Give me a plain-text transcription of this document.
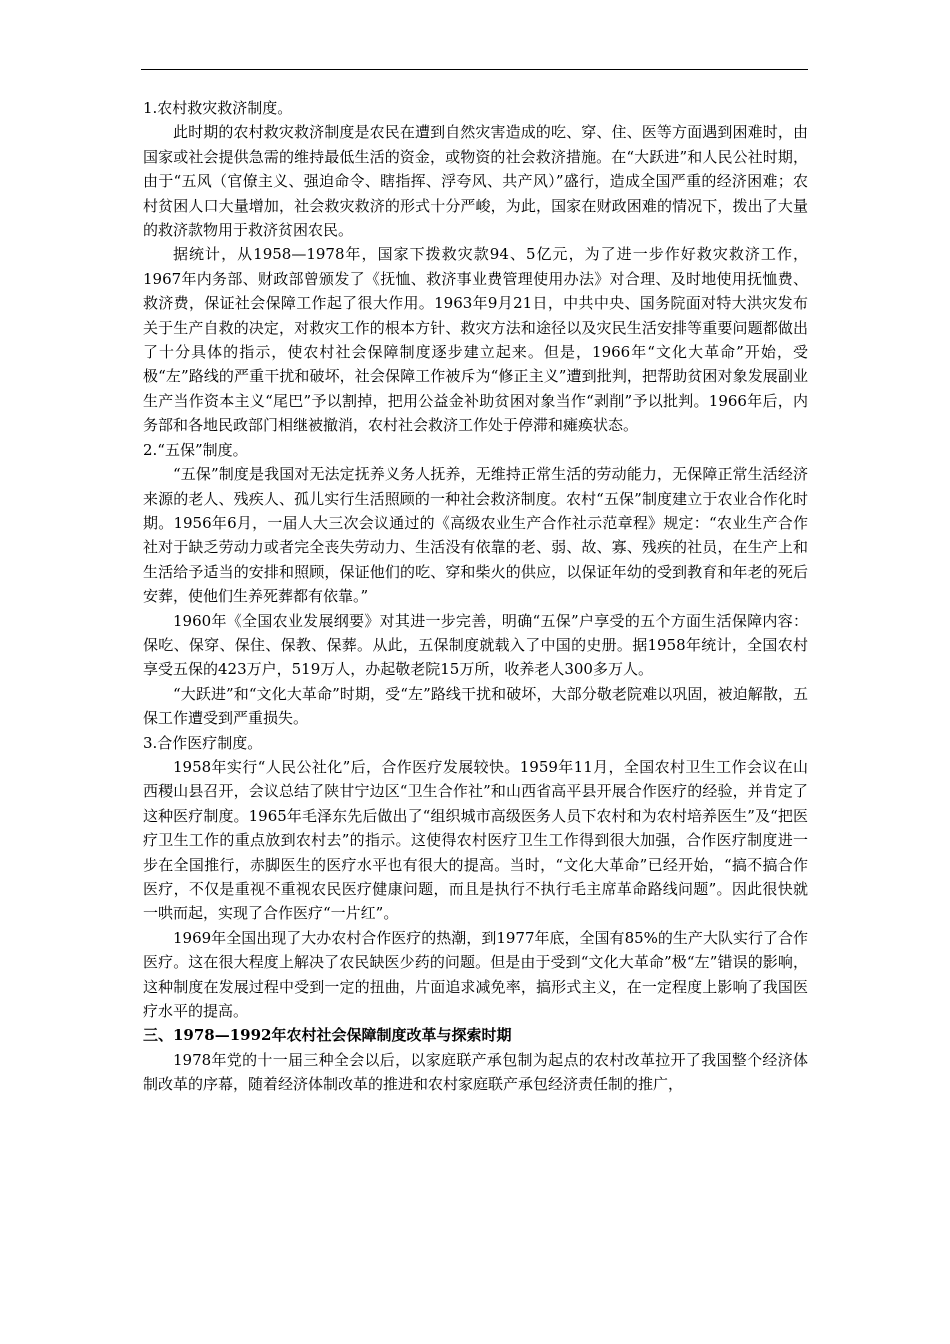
1.农村救灾救济制度。

此时期的农村救灾救济制度是农民在遭到自然灾害造成的吃、穿、住、医等方面遇到困难时，由国家或社会提供急需的维持最低生活的资金，或物资的社会救济措施。在“大跃进”和人民公社时期，由于“五风（官僚主义、强迫命令、瞎指挥、浮夸风、共产风）”盛行，造成全国严重的经济困难；农村贫困人口大量增加，社会救灾救济的形式十分严峻，为此，国家在财政困难的情况下，拨出了大量的救济款物用于救济贫困农民。

据统计，从1958—1978年，国家下拨救灾款94、5亿元，为了进一步作好救灾救济工作，1967年内务部、财政部曾颁发了《抚恤、救济事业费管理使用办法》对合理、及时地使用抚恤费、救济费，保证社会保障工作起了很大作用。1963年9月21日，中共中央、国务院面对特大洪灾发布关于生产自救的决定，对救灾工作的根本方针、救灾方法和途径以及灾民生活安排等重要问题都做出了十分具体的指示，使农村社会保障制度逐步建立起来。但是，1966年“文化大革命”开始，受极“左”路线的严重干扰和破坏，社会保障工作被斥为“修正主义”遭到批判，把帮助贫困对象发展副业生产当作资本主义“尾巴”予以割掉，把用公益金补助贫困对象当作“剥削”予以批判。1966年后，内务部和各地民政部门相继被撤消，农村社会救济工作处于停滞和瘫痪状态。

2.“五保”制度。

“五保”制度是我国对无法定抚养义务人抚养，无维持正常生活的劳动能力，无保障正常生活经济来源的老人、残疾人、孤儿实行生活照顾的一种社会救济制度。农村“五保”制度建立于农业合作化时期。1956年6月，一届人大三次会议通过的《高级农业生产合作社示范章程》规定：“农业生产合作社对于缺乏劳动力或者完全丧失劳动力、生活没有依靠的老、弱、故、寡、残疾的社员，在生产上和生活给予适当的安排和照顾，保证他们的吃、穿和柴火的供应，以保证年幼的受到教育和年老的死后安葬，使他们生养死葬都有依靠。”

1960年《全国农业发展纲要》对其进一步完善，明确“五保”户享受的五个方面生活保障内容：保吃、保穿、保住、保教、保葬。从此，五保制度就载入了中国的史册。据1958年统计，全国农村享受五保的423万户，519万人，办起敬老院15万所，收养老人300多万人。

“大跃进”和“文化大革命”时期，受“左”路线干扰和破坏，大部分敬老院难以巩固，被迫解散，五保工作遭受到严重损失。

3.合作医疗制度。

1958年实行“人民公社化”后，合作医疗发展较快。1959年11月，全国农村卫生工作会议在山西稷山县召开，会议总结了陕甘宁边区“卫生合作社”和山西省高平县开展合作医疗的经验，并肯定了这种医疗制度。1965年毛泽东先后做出了“组织城市高级医务人员下农村和为农村培养医生”及“把医疗卫生工作的重点放到农村去”的指示。这使得农村医疗卫生工作得到很大加强，合作医疗制度进一步在全国推行，赤脚医生的医疗水平也有很大的提高。当时，“文化大革命”已经开始，“搞不搞合作医疗，不仅是重视不重视农民医疗健康问题，而且是执行不执行毛主席革命路线问题”。因此很快就一哄而起，实现了合作医疗“一片红”。

1969年全国出现了大办农村合作医疗的热潮，到1977年底，全国有85%的生产大队实行了合作医疗。这在很大程度上解决了农民缺医少药的问题。但是由于受到“文化大革命”极“左”错误的影响，这种制度在发展过程中受到一定的扭曲，片面追求减免率，搞形式主义，在一定程度上影响了我国医疗水平的提高。

三、1978—1992年农村社会保障制度改革与探索时期

1978年党的十一届三种全会以后，以家庭联产承包制为起点的农村改革拉开了我国整个经济体制改革的序幕，随着经济体制改革的推进和农村家庭联产承包经济责任制的推广，
